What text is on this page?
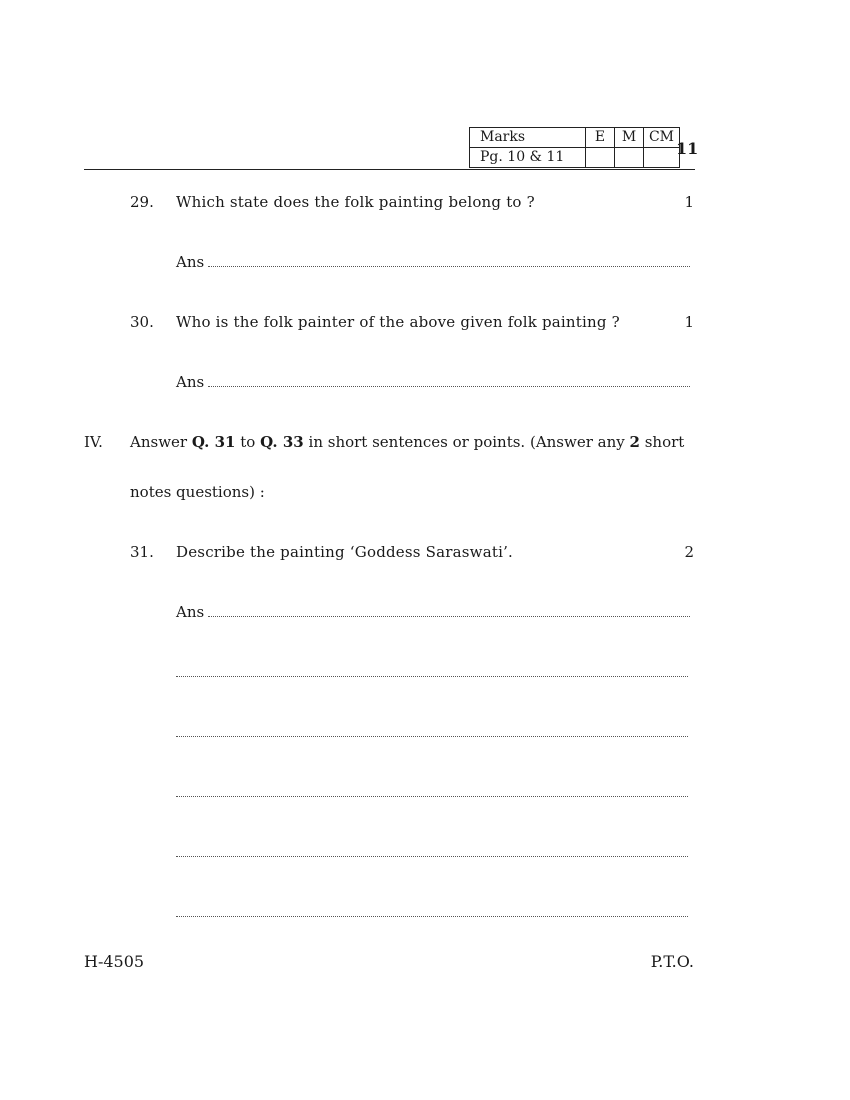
Marks	E	M	CM
Pg. 10 & 11				11
29. Which state does the folk painting belong to ?	1
Ans
30. Who is the folk painter of the above given folk painting ?	1
Ans
IV. Answer Q. 31 to Q. 33 in short sentences or points. (Answer any 2 short
notes questions) :
31. Describe the painting ‘Goddess Saraswati’.	2
Ans
H-4505	P.T.O.
